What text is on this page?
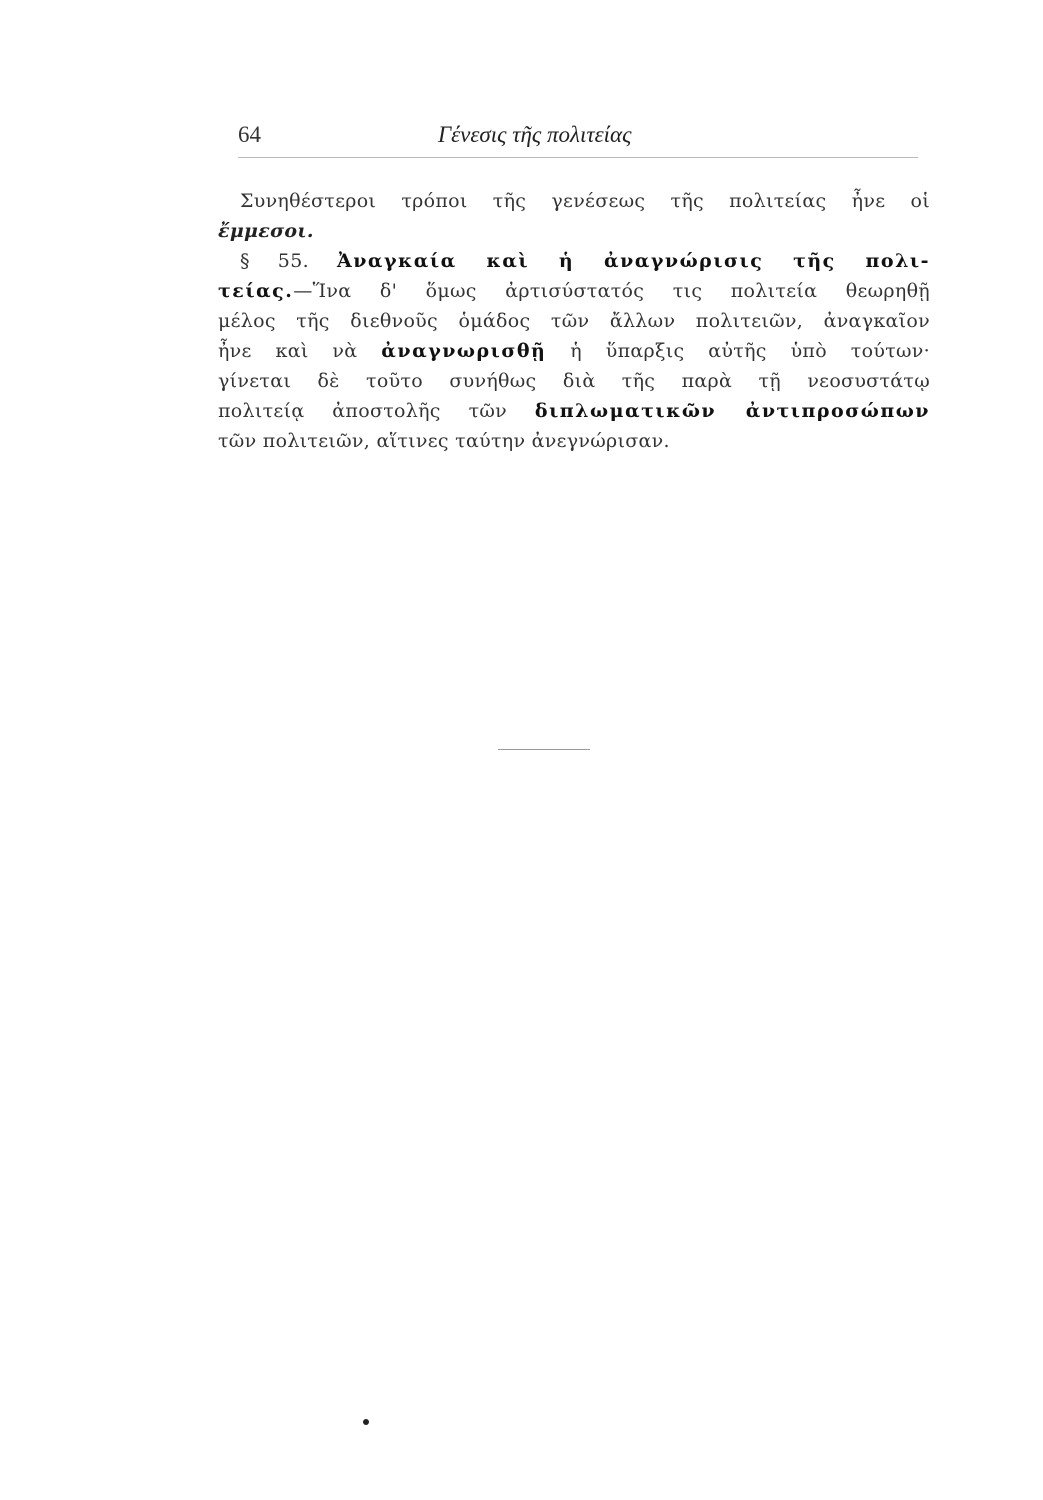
64	Γένεσις τῆς πολιτείας
Συνηθέστεροι τρόποι τῆς γενέσεως τῆς πολιτείας ἦνε οἱ
ἔμμεσοι.
§ 55. Ἀναγκαία καὶ ἡ ἀναγνώρισις τῆς πολι-
τείας.—Ἵνα δ' ὅμως ἀρτισύστατός τις πολιτεία θεωρηθῇ
μέλος τῆς διεθνοῦς ὁμάδος τῶν ἄλλων πολιτειῶν, ἀναγκαῖον
ἦνε καὶ νὰ ἀναγνωρισθῇ ἡ ὕπαρξις αὐτῆς ὑπὸ τούτων·
γίνεται δὲ τοῦτο συνήθως διὰ τῆς παρὰ τῇ νεοσυστάτῳ
πολιτείᾳ ἀποστολῆς τῶν διπλωματικῶν ἀντιπροσώπων
τῶν πολιτειῶν, αἵτινες ταύτην ἀνεγνώρισαν.
